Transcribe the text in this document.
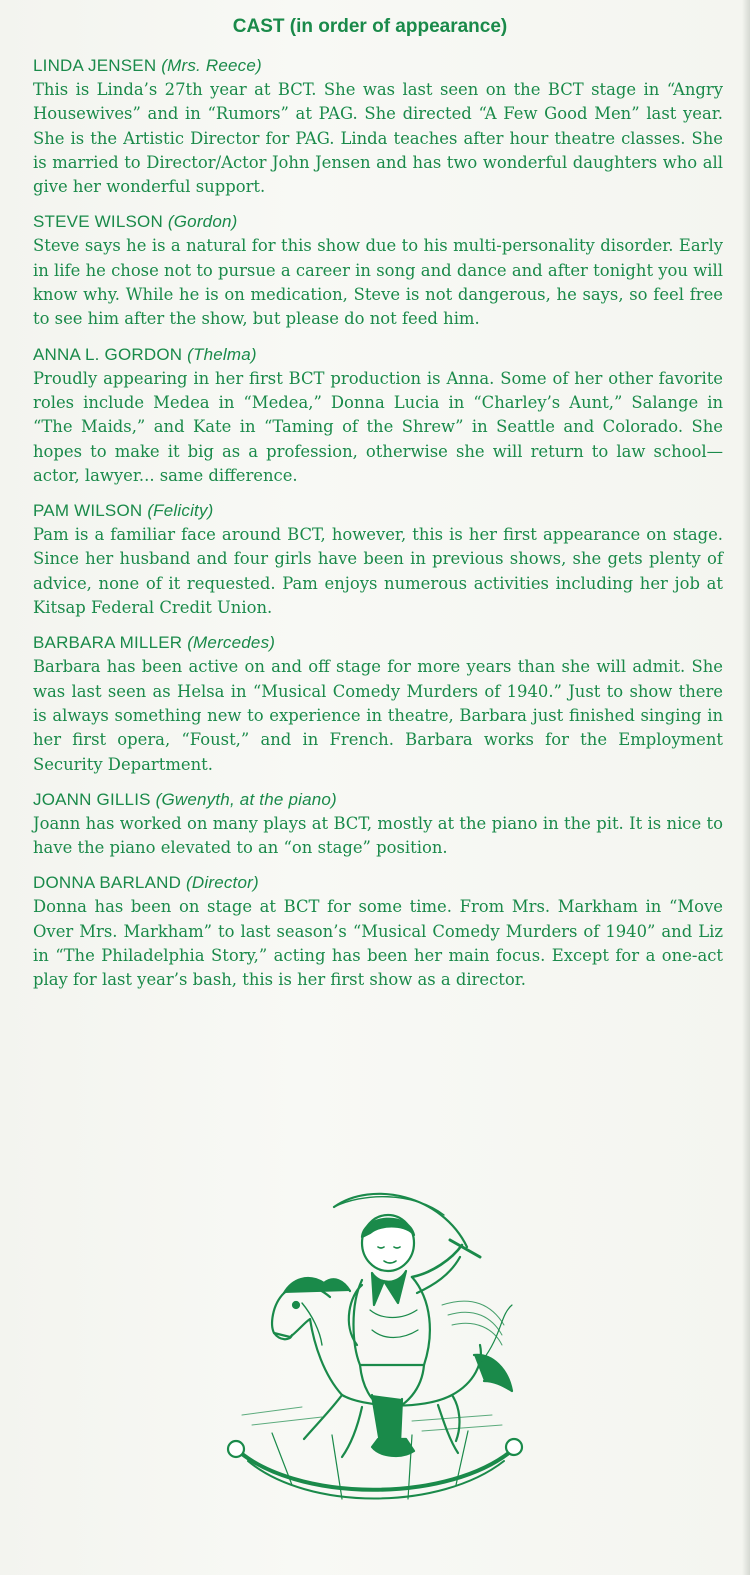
CAST (in order of appearance)
LINDA JENSEN (Mrs. Reece)
This is Linda’s 27th year at BCT. She was last seen on the BCT stage in “Angry Housewives” and in “Rumors” at PAG. She directed “A Few Good Men” last year. She is the Artistic Director for PAG. Linda teaches after hour theatre classes. She is married to Director/Actor John Jensen and has two wonderful daughters who all give her wonderful support.
STEVE WILSON (Gordon)
Steve says he is a natural for this show due to his multi-personality disorder. Early in life he chose not to pursue a career in song and dance and after tonight you will know why. While he is on medication, Steve is not dangerous, he says, so feel free to see him after the show, but please do not feed him.
ANNA L. GORDON (Thelma)
Proudly appearing in her first BCT production is Anna. Some of her other favorite roles include Medea in “Medea,” Donna Lucia in “Charley’s Aunt,” Salange in “The Maids,” and Kate in “Taming of the Shrew” in Seattle and Colorado. She hopes to make it big as a profession, otherwise she will return to law school—actor, lawyer... same difference.
PAM WILSON (Felicity)
Pam is a familiar face around BCT, however, this is her first appearance on stage. Since her husband and four girls have been in previous shows, she gets plenty of advice, none of it requested. Pam enjoys numerous activities including her job at Kitsap Federal Credit Union.
BARBARA MILLER (Mercedes)
Barbara has been active on and off stage for more years than she will admit. She was last seen as Helsa in “Musical Comedy Murders of 1940.” Just to show there is always something new to experience in theatre, Barbara just finished singing in her first opera, “Foust,” and in French. Barbara works for the Employment Security Department.
JOANN GILLIS (Gwenyth, at the piano)
Joann has worked on many plays at BCT, mostly at the piano in the pit. It is nice to have the piano elevated to an “on stage” position.
DONNA BARLAND (Director)
Donna has been on stage at BCT for some time. From Mrs. Markham in “Move Over Mrs. Markham” to last season’s “Musical Comedy Murders of 1940” and Liz in “The Philadelphia Story,” acting has been her main focus. Except for a one-act play for last year’s bash, this is her first show as a director.
